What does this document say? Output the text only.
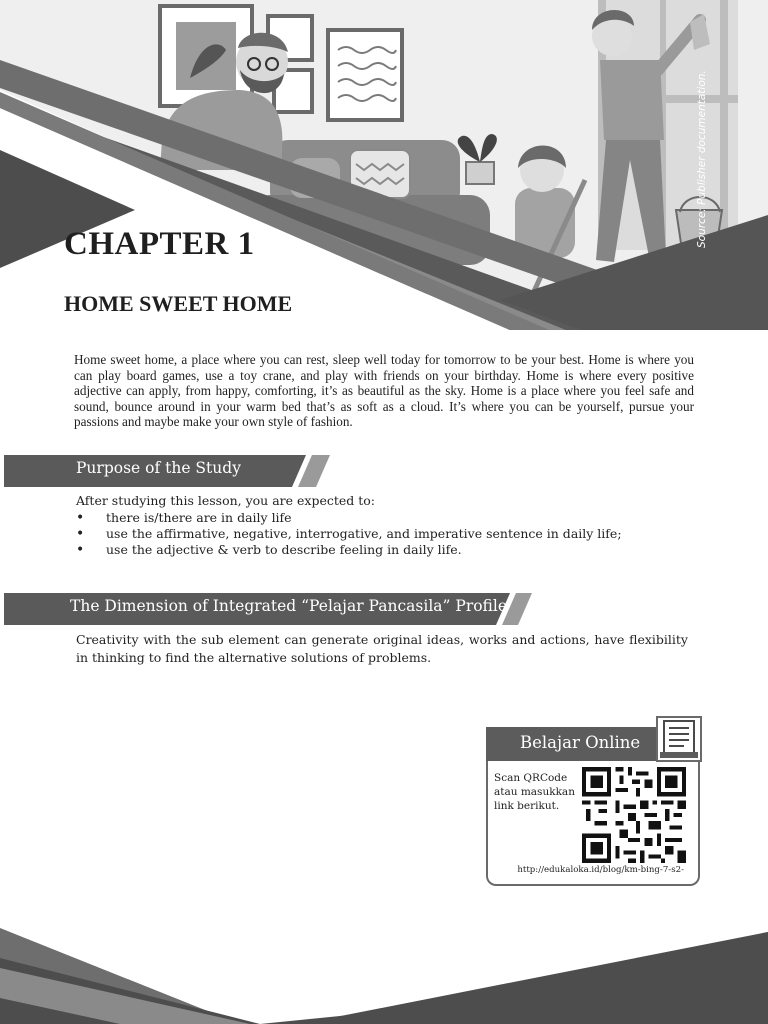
Source: Publisher documentation.
CHAPTER 1
HOME SWEET HOME
Home sweet home, a place where you can rest, sleep well today for tomorrow to be your best. Home is where you can play board games, use a toy crane, and play with friends on your birthday. Home is where every positive adjective can apply, from happy, comforting, it’s as beautiful as the sky. Home is a place where you feel safe and sound, bounce around in your warm bed that’s as soft as a cloud. It’s where you can be yourself, pursue your passions and maybe make your own style of fashion.
Purpose of the Study
After studying this lesson, you are expected to:
• there is/there are in daily life
• use the affirmative, negative, interrogative, and imperative sentence in daily life;
• use the adjective & verb to describe feeling in daily life.
The Dimension of Integrated “Pelajar Pancasila” Profile
Creativity with the sub element can generate original ideas, works and actions, have flexibility in thinking to find the alternative solutions of problems.
Belajar Online
Scan QRCode atau masukkan link berikut.
http://edukaloka.id/blog/km-bing-7-s2-
